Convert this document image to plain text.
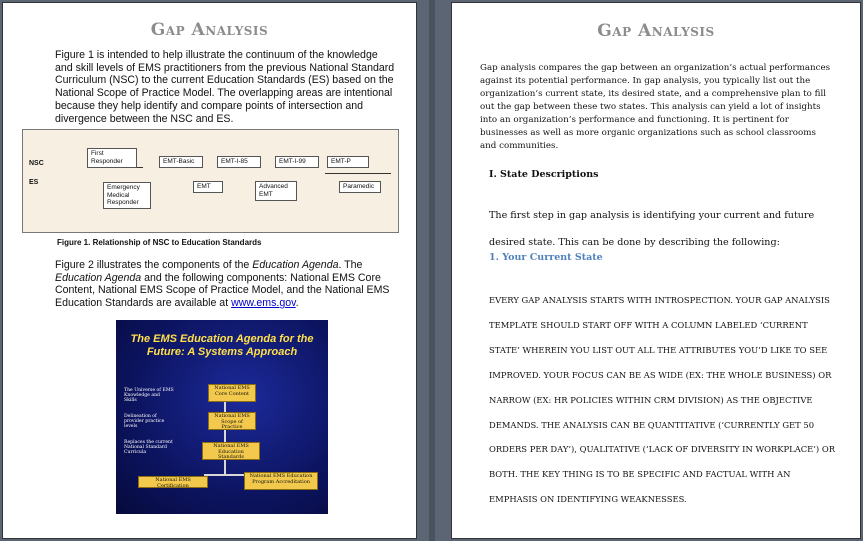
Gap Analysis
Figure 1 is intended to help illustrate the continuum of the knowledge and skill levels of EMS practitioners from the previous National Standard Curriculum (NSC) to the current Education Standards (ES) based on the National Scope of Practice Model. The overlapping areas are intentional because they help identify and compare points of intersection and divergence between the NSC and ES.
NSC
ES
First Responder	EMT-Basic	EMT-I-85	EMT-I-99	EMT-P
Emergency Medical Responder
EMT	Advanced EMT
Paramedic
Figure 1. Relationship of NSC to Education Standards
Figure 2 illustrates the components of the Education Agenda. The Education Agenda and the following components: National EMS Core Content, National EMS Scope of Practice Model, and the National EMS Education Standards are available at www.ems.gov.
The EMS Education Agenda for the Future: A Systems Approach
The Universe of EMS Knowledge and Skills
Delineation of provider practice levels
Replaces the current National Standard Curricula
National EMS Core Content
National EMS Scope of Practice
National EMS Education Standards
National EMS Certification
National EMS Education Program Accreditation
Gap Analysis
Gap analysis compares the gap between an organization’s actual performances against its potential performance. In gap analysis, you typically list out the organization’s current state, its desired state, and a comprehensive plan to fill out the gap between these two states. This analysis can yield a lot of insights into an organization’s performance and functioning. It is pertinent for businesses as well as more organic organizations such as school classrooms and communities.
I. State Descriptions
The first step in gap analysis is identifying your current and future desired state. This can be done by describing the following:
1. Your Current State
EVERY GAP ANALYSIS STARTS WITH INTROSPECTION. YOUR GAP ANALYSIS TEMPLATE SHOULD START OFF WITH A COLUMN LABELED ‘CURRENT STATE’ WHEREIN YOU LIST OUT ALL THE ATTRIBUTES YOU’D LIKE TO SEE IMPROVED. YOUR FOCUS CAN BE AS WIDE (EX: THE WHOLE BUSINESS) OR NARROW (EX: HR POLICIES WITHIN CRM DIVISION) AS THE OBJECTIVE DEMANDS. THE ANALYSIS CAN BE QUANTITATIVE (‘CURRENTLY GET 50 ORDERS PER DAY’), QUALITATIVE (‘LACK OF DIVERSITY IN WORKPLACE’) OR BOTH. THE KEY THING IS TO BE SPECIFIC AND FACTUAL WITH AN EMPHASIS ON IDENTIFYING WEAKNESSES.
